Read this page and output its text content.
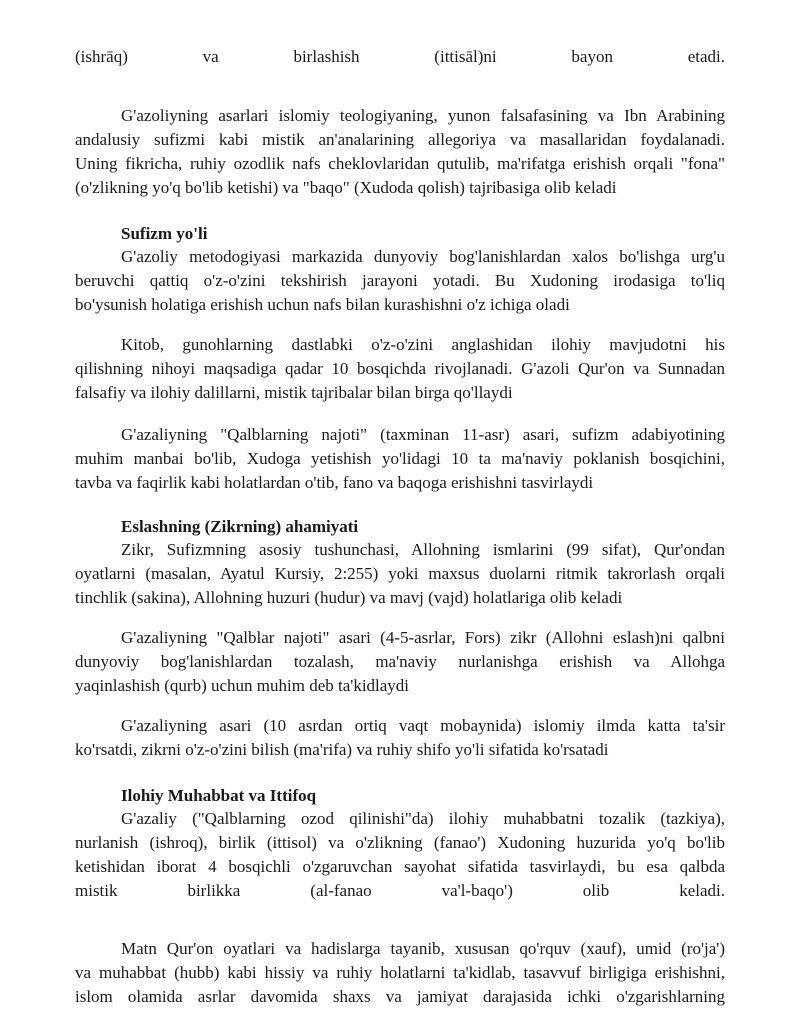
(ishrāq) va birlashish (ittisāl)ni bayon etadi.
G'azoliyning asarlari islomiy teologiyaning, yunon falsafasining va Ibn Arabining
andalusiy sufizmi kabi mistik an'analarining allegoriya va masallaridan foydalanadi.
Uning fikricha, ruhiy ozodlik nafs cheklovlaridan qutulib, ma'rifatga erishish orqali "fona"
(o'zlikning yo'q bo'lib ketishi) va "baqo" (Xudoda qolish) tajribasiga olib keladi
Sufizm yo'li
G'azoliy metodogiyasi markazida dunyoviy bog'lanishlardan xalos bo'lishga urg'u
beruvchi qattiq o'z-o'zini tekshirish jarayoni yotadi. Bu Xudoning irodasiga to'liq
bo'ysunish holatiga erishish uchun nafs bilan kurashishni o'z ichiga oladi
Kitob, gunohlarning dastlabki o'z-o'zini anglashidan ilohiy mavjudotni his
qilishning nihoyi maqsadiga qadar 10 bosqichda rivojlanadi. G'azoli Qur'on va Sunnadan
falsafiy va ilohiy dalillarni, mistik tajribalar bilan birga qo'llaydi
G'azaliyning "Qalblarning najoti" (taxminan 11-asr) asari, sufizm adabiyotining
muhim manbai bo'lib, Xudoga yetishish yo'lidagi 10 ta ma'naviy poklanish bosqichini,
tavba va faqirlik kabi holatlardan o'tib, fano va baqoga erishishni tasvirlaydi
Eslashning (Zikrning) ahamiyati
Zikr, Sufizmning asosiy tushunchasi, Allohning ismlarini (99 sifat), Qur'ondan
oyatlarni (masalan, Ayatul Kursiy, 2:255) yoki maxsus duolarni ritmik takrorlash orqali
tinchlik (sakina), Allohning huzuri (hudur) va mavj (vajd) holatlariga olib keladi
G'azaliyning "Qalblar najoti" asari (4-5-asrlar, Fors) zikr (Allohni eslash)ni qalbni
dunyoviy bog'lanishlardan tozalash, ma'naviy nurlanishga erishish va Allohga
yaqinlashish (qurb) uchun muhim deb ta'kidlaydi
G'azaliyning asari (10 asrdan ortiq vaqt mobaynida) islomiy ilmda katta ta'sir
ko'rsatdi, zikrni o'z-o'zini bilish (ma'rifa) va ruhiy shifo yo'li sifatida ko'rsatadi
Ilohiy Muhabbat va Ittifoq
G'azaliy ("Qalblarning ozod qilinishi"da) ilohiy muhabbatni tozalik (tazkiya),
nurlanish (ishroq), birlik (ittisol) va o'zlikning (fanao') Xudoning huzurida yo'q bo'lib
ketishidan iborat 4 bosqichli o'zgaruvchan sayohat sifatida tasvirlaydi, bu esa qalbda
mistik birlikka (al-fanao va'l-baqo') olib keladi.
Matn Qur'on oyatlari va hadislarga tayanib, xususan qo'rquv (xauf), umid (ro'ja')
va muhabbat (hubb) kabi hissiy va ruhiy holatlarni ta'kidlab, tasavvuf birligiga erishishni,
islom olamida asrlar davomida shaxs va jamiyat darajasida ichki o'zgarishlarning
